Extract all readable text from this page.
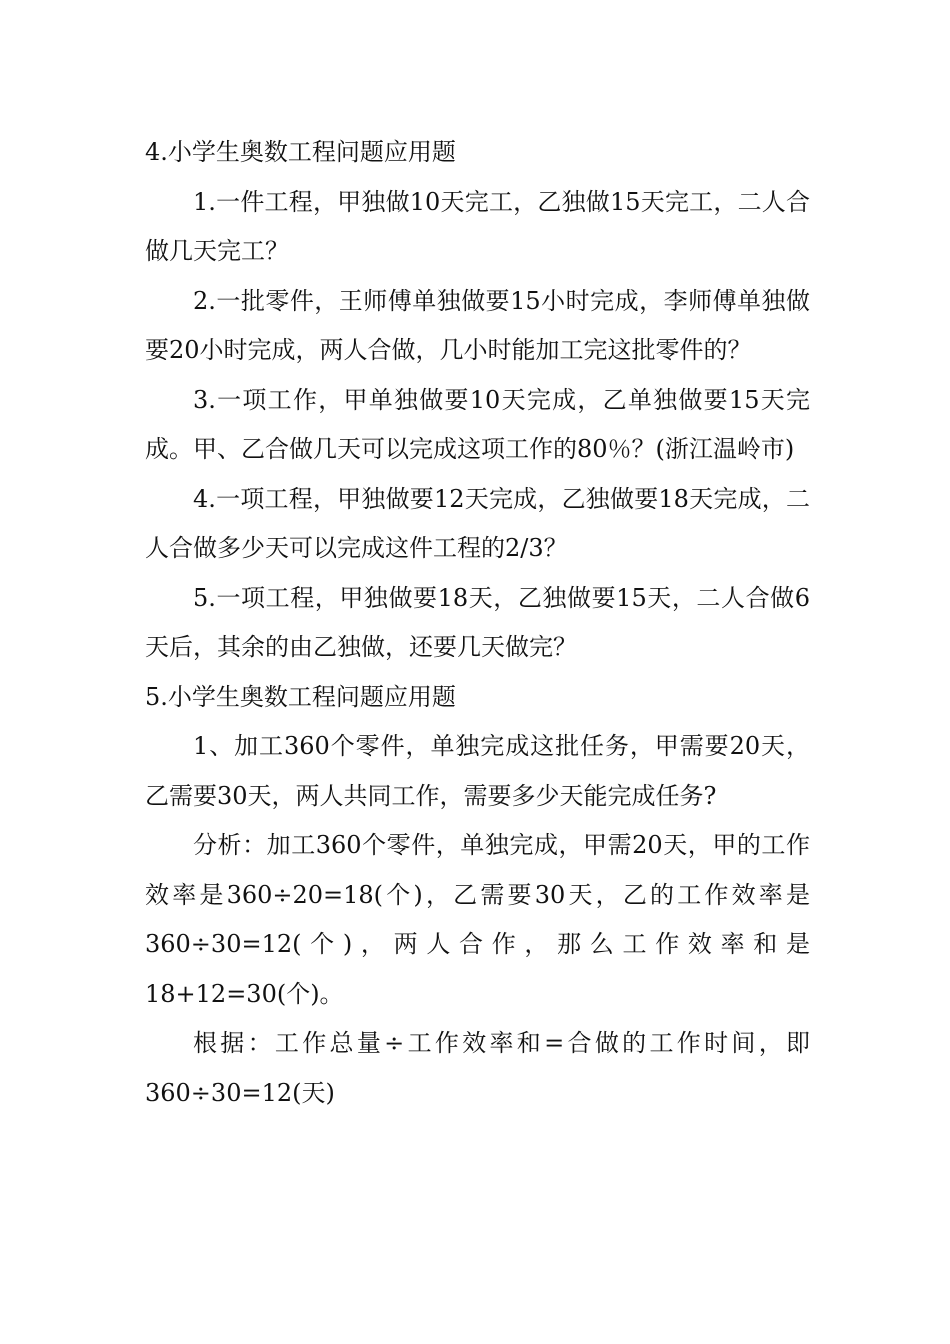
4.小学生奥数工程问题应用题

1.一件工程，甲独做10天完工，乙独做15天完工，二人合做几天完工？

2.一批零件，王师傅单独做要15小时完成，李师傅单独做要20小时完成，两人合做，几小时能加工完这批零件的？

3.一项工作，甲单独做要10天完成，乙单独做要15天完成。甲、乙合做几天可以完成这项工作的80％？(浙江温岭市)

4.一项工程，甲独做要12天完成，乙独做要18天完成，二人合做多少天可以完成这件工程的2/3？

5.一项工程，甲独做要18天，乙独做要15天，二人合做6天后，其余的由乙独做，还要几天做完？

5.小学生奥数工程问题应用题

1、加工360个零件，单独完成这批任务，甲需要20天，乙需要30天，两人共同工作，需要多少天能完成任务?

分析：加工360个零件，单独完成，甲需20天，甲的工作效率是360÷20=18(个)，乙需要30天，乙的工作效率是360÷30=12(个)，两人合作，那么工作效率和是18+12=30(个)。

根据：工作总量÷工作效率和=合做的工作时间，即360÷30=12(天)
